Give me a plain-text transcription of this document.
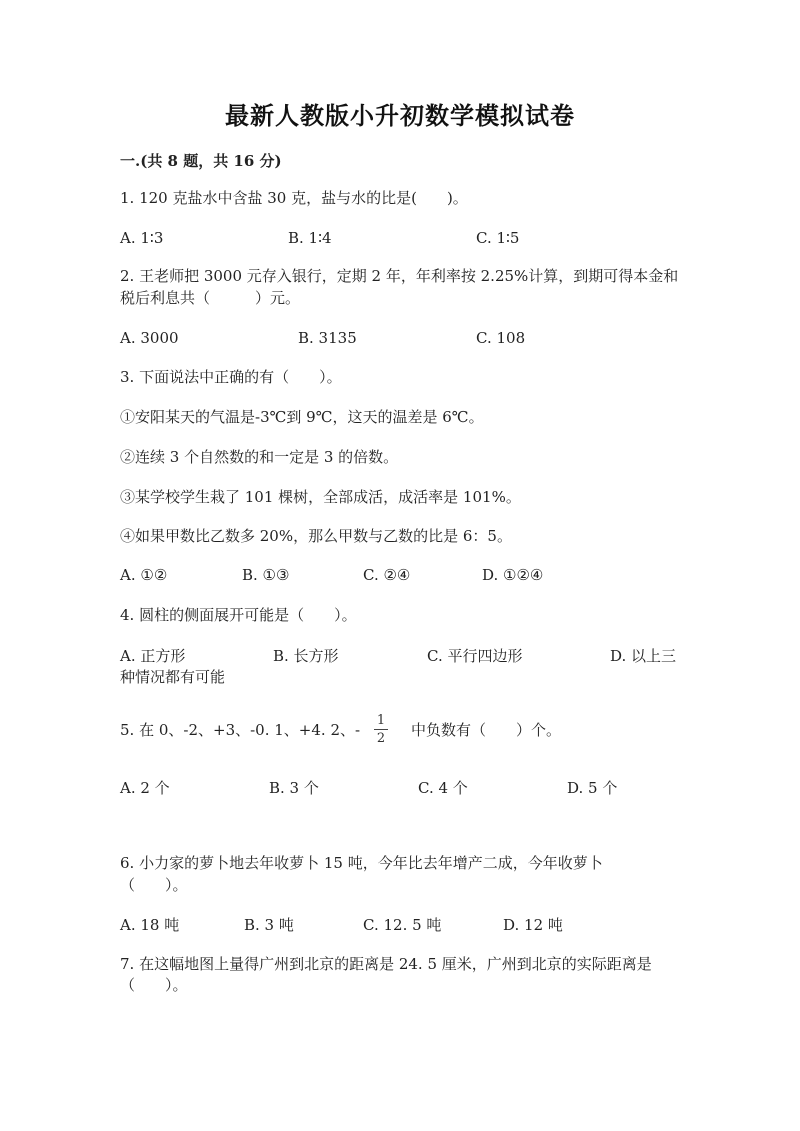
最新人教版小升初数学模拟试卷
一.(共 8 题，共 16 分)
1. 120 克盐水中含盐 30 克，盐与水的比是(　　)。
A. 1∶3	B. 1∶4	C. 1∶5
2. 王老师把 3000 元存入银行，定期 2 年，年利率按 2.25%计算，到期可得本金和税后利息共（　　　）元。
A. 3000	B. 3135	C. 108
3. 下面说法中正确的有（　　）。
①安阳某天的气温是-3℃到 9℃，这天的温差是 6℃。
②连续 3 个自然数的和一定是 3 的倍数。
③某学校学生栽了 101 棵树，全部成活，成活率是 101%。
④如果甲数比乙数多 20%，那么甲数与乙数的比是 6：5。
A. ①②	B. ①③	C. ②④	D. ①②④
4. 圆柱的侧面展开可能是（　　）。
A. 正方形	B. 长方形	C. 平行四边形	D. 以上三
种情况都有可能
5. 在 0、-2、+3、-0. 1、+4. 2、-
1
2 中负数有（　　）个。
A. 2 个	B. 3 个	C. 4 个	D. 5 个
6. 小力家的萝卜地去年收萝卜 15 吨，今年比去年增产二成，今年收萝卜
（　　）。
A. 18 吨	B. 3 吨	C. 12. 5 吨	D. 12 吨
7. 在这幅地图上量得广州到北京的距离是 24. 5 厘米，广州到北京的实际距离是
（　　）。
